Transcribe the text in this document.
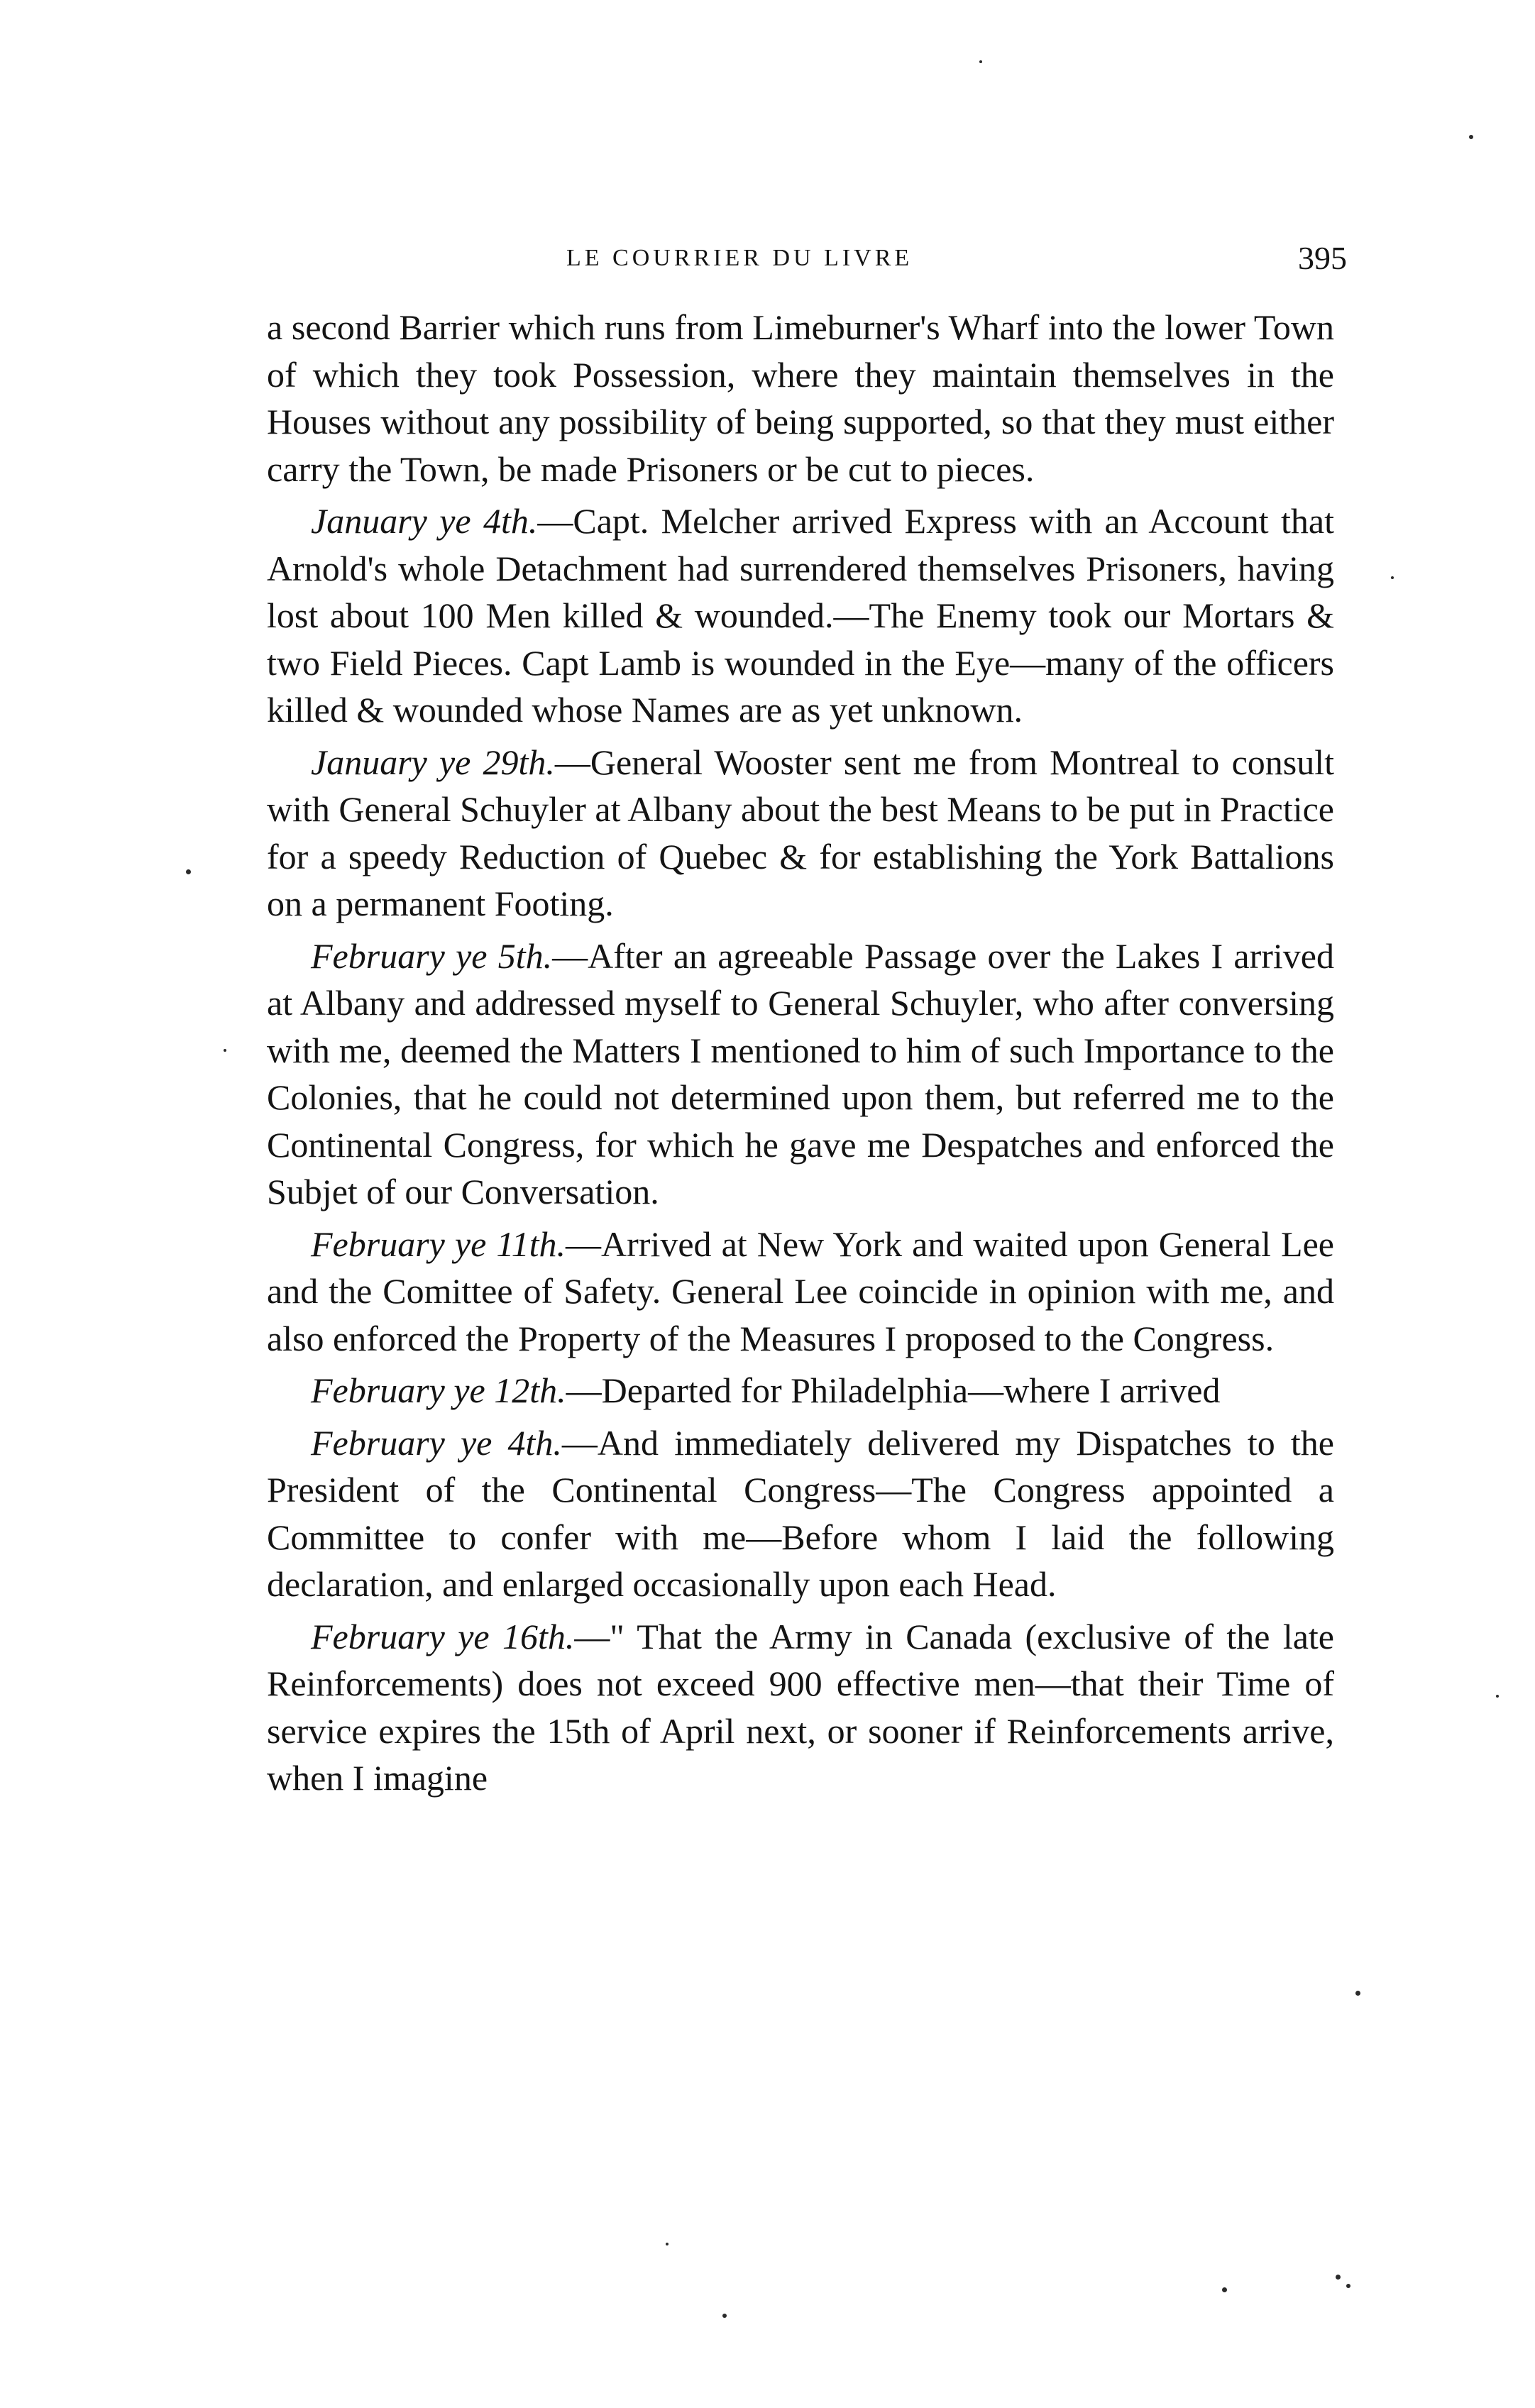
LE COURRIER DU LIVRE	395

a second Barrier which runs from Limeburner's Wharf into the lower Town of which they took Possession, where they maintain themselves in the Houses without any possibility of being supported, so that they must either carry the Town, be made Prisoners or be cut to pieces.

January ye 4th.—Capt. Melcher arrived Express with an Account that Arnold's whole Detachment had surrendered themselves Prisoners, having lost about 100 Men killed & wounded.—The Enemy took our Mortars & two Field Pieces. Capt Lamb is wounded in the Eye—many of the officers killed & wounded whose Names are as yet unknown.

January ye 29th.—General Wooster sent me from Montreal to consult with General Schuyler at Albany about the best Means to be put in Practice for a speedy Reduction of Quebec & for establishing the York Battalions on a permanent Footing.

February ye 5th.—After an agreeable Passage over the Lakes I arrived at Albany and addressed myself to General Schuyler, who after conversing with me, deemed the Matters I mentioned to him of such Importance to the Colonies, that he could not determined upon them, but referred me to the Continental Congress, for which he gave me Despatches and enforced the Subjet of our Conversation.

February ye 11th.—Arrived at New York and waited upon General Lee and the Comittee of Safety. General Lee coincide in opinion with me, and also enforced the Property of the Measures I proposed to the Congress.

February ye 12th.—Departed for Philadelphia—where I arrived

February ye 4th.—And immediately delivered my Dispatches to the President of the Continental Congress—The Congress appointed a Committee to confer with me—Before whom I laid the following declaration, and enlarged occasionally upon each Head.

February ye 16th.—" That the Army in Canada (exclusive of the late Reinforcements) does not exceed 900 effective men—that their Time of service expires the 15th of April next, or sooner if Reinforcements arrive, when I imagine
